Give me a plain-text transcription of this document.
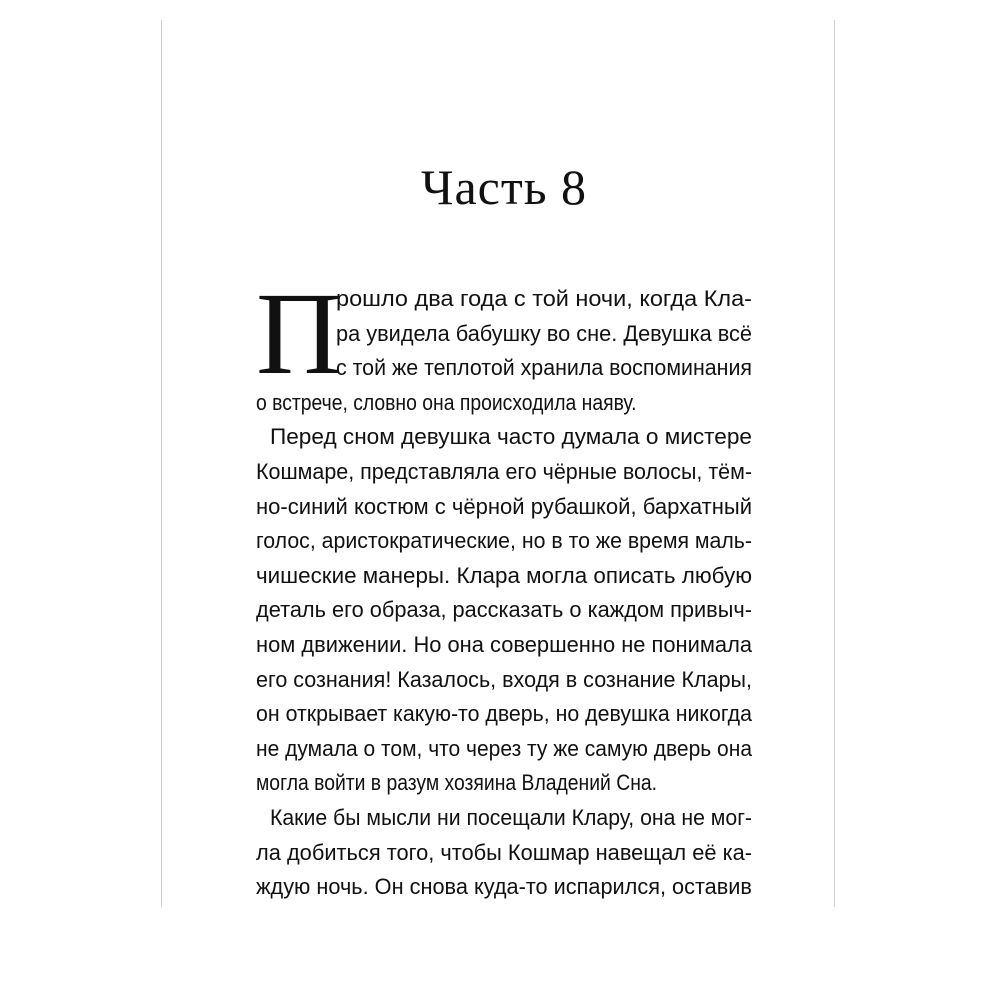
Часть 8
П

рошло два года с той ночи, когда Кла-

ра увидела бабушку во сне. Девушка всё

с той же теплотой хранила воспоминания

о встрече, словно она происходила наяву.

Перед сном девушка часто думала о мистере

Кошмаре, представляла его чёрные волосы, тём-

но-синий костюм с чёрной рубашкой, бархатный

голос, аристократические, но в то же время маль-

чишеские манеры. Клара могла описать любую

деталь его образа, рассказать о каждом привыч-

ном движении. Но она совершенно не понимала

его сознания! Казалось, входя в сознание Клары,

он открывает какую-то дверь, но девушка никогда

не думала о том, что через ту же самую дверь она

могла войти в разум хозяина Владений Сна.

Какие бы мысли ни посещали Клару, она не мог-

ла добиться того, чтобы Кошмар навещал её ка-

ждую ночь. Он снова куда-то испарился, оставив
